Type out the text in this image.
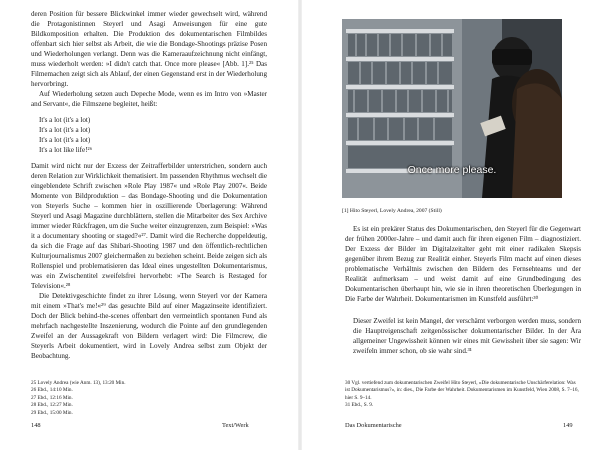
deren Position für bessere Blickwinkel immer wieder gewechselt wird, während die Protagonistinnen Steyerl und Asagi Anweisungen für eine gute Bildkomposition erhalten. Die Produktion des dokumentarischen Filmbildes offenbart sich hier selbst als Arbeit, die wie die Bondage-Shootings präzise Posen und Wiederholungen verlangt. Denn was die Kameraaufzeichnung nicht einfängt, muss wiederholt werden: »I didn't catch that. Once more please« [Abb. 1].²⁵ Das Filmemachen zeigt sich als Ablauf, der einen Gegenstand erst in der Wiederholung hervorbringt.

Auf Wiederholung setzen auch Depeche Mode, wenn es im Intro von »Master and Servant«, die Filmszene begleitet, heißt:

It's a lot (it's a lot)
It's a lot (it's a lot)
It's a lot (it's a lot)
It's a lot like life!²⁶

Damit wird nicht nur der Exzess der Zeitrafferbilder unterstrichen, sondern auch deren Relation zur Wirklichkeit thematisiert. Im passenden Rhythmus wechselt die eingeblendete Schrift zwischen »Role Play 1987« und »Role Play 2007«. Beide Momente von Bildproduktion – das Bondage-Shooting und die Dokumentation von Steyerls Suche – kommen hier in oszillierende Überlagerung: Während Steyerl und Asagi Magazine durchblättern, stellen die Mitarbeiter des Sex Archive immer wieder Rückfragen, um die Suche weiter einzugrenzen, zum Beispiel: »Was it a documentary shooting or staged?«²⁷. Damit wird die Recherche doppeldeutig, da sich die Frage auf das Shibari-Shooting 1987 und den öffentlich-rechtlichen Kulturjournalismus 2007 gleichermaßen zu beziehen scheint. Beide zeigen sich als Rollenspiel und problematisieren das Ideal eines ungestellten Dokumentarismus, was ein Zwischentitel zweifelsfrei hervorhebt: »The Search is Restaged for Television«.²⁸

Die Detektivgeschichte findet zu ihrer Lösung, wenn Steyerl vor der Kamera mit einem »That's me!«²⁹ das gesuchte Bild auf einer Magazinseite identifiziert. Doch der Blick behind-the-scenes offenbart den vermeintlich spontanen Fund als mehrfach nachgestellte Inszenierung, wodurch die Pointe auf den grundlegenden Zweifel an der Aussagekraft von Bildern verlagert wird: Die Filmcrew, die Steyerls Arbeit dokumentiert, wird in Lovely Andrea selbst zum Objekt der Beobachtung.

25 Lovely Andrea (wie Anm. 13), 13:20 Min.
26 Ebd., 14:10 Min.
27 Ebd., 12:16 Min.
28 Ebd., 12:27 Min.
29 Ebd., 15:00 Min.
148	Text/Werk
Once more please.
[1] Hito Steyerl, Lovely Andrea, 2007 (Still)

Es ist ein prekärer Status des Dokumentarischen, den Steyerl für die Gegenwart der frühen 2000er-Jahre – und damit auch für ihren eigenen Film – diagnostiziert. Der Exzess der Bilder im Digitalzeitalter geht mit einer radikalen Skepsis gegenüber ihrem Bezug zur Realität einher. Steyerls Film macht auf einen dieses problematische Verhältnis zwischen den Bildern des Fernsehteams und der Realität aufmerksam – und weist damit auf eine Grundbedingung des Dokumentarischen überhaupt hin, wie sie in ihren theoretischen Überlegungen in Die Farbe der Wahrheit. Dokumentarismen im Kunstfeld ausführt:³⁰

Dieser Zweifel ist kein Mangel, der verschämt verborgen werden muss, sondern die Hauptreigenschaft zeitgenössischer dokumentarischer Bilder. In der Ära allgemeiner Ungewissheit können wir eines mit Gewissheit über sie sagen: Wir zweifeln immer schon, ob sie wahr sind.³¹

30 Vgl. vertiefend zum dokumentarischen Zweifel Hito Steyerl, »Die dokumentarische Unschärferelation: Was ist Dokumentarismus?«, in: dies., Die Farbe der Wahrheit. Dokumentarismen im Kunstfeld, Wien 2008, S. 7–16, hier S. 9–14.
31 Ebd., S. 9.
Das Dokumentarische	149
